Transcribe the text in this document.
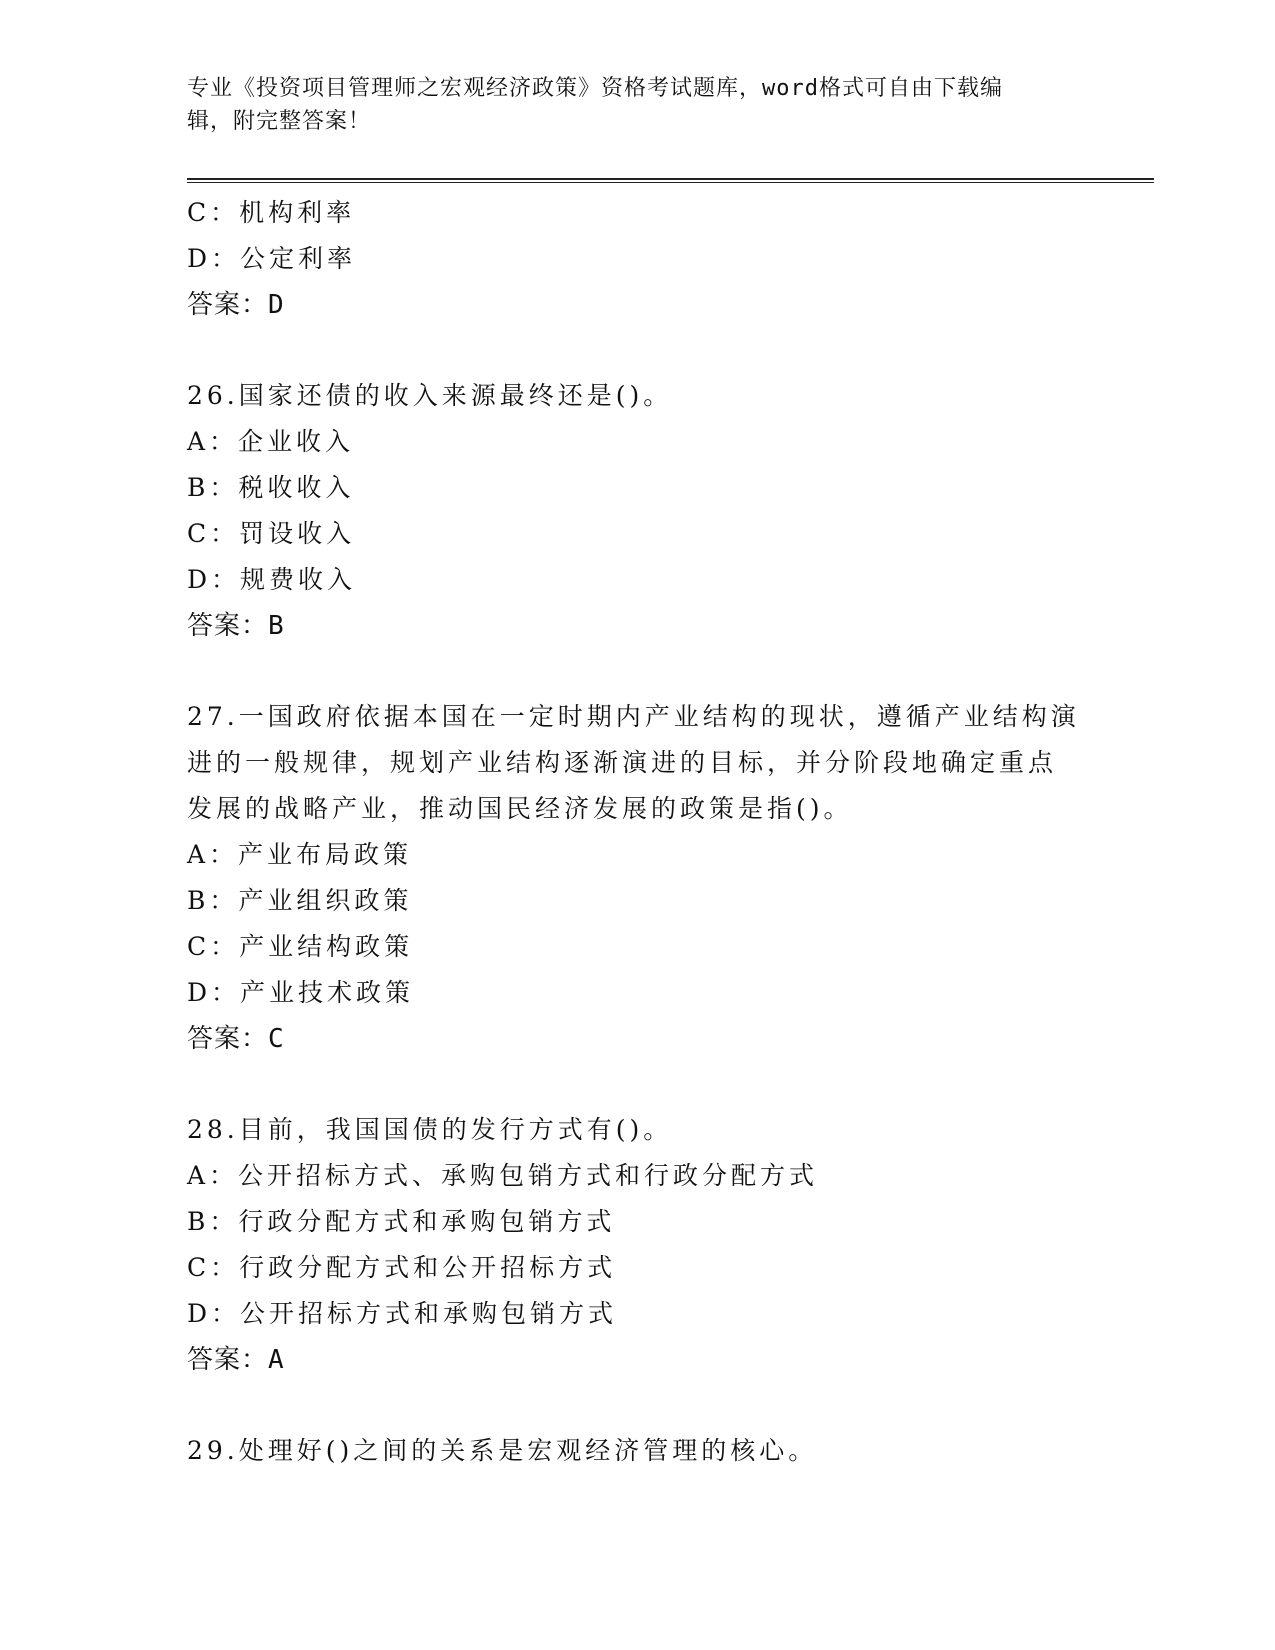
专业《投资项目管理师之宏观经济政策》资格考试题库，word格式可自由下载编
辑，附完整答案！
C：机构利率
D：公定利率
答案：D
26.国家还债的收入来源最终还是()。
A：企业收入
B：税收收入
C：罚设收入
D：规费收入
答案：B
27.一国政府依据本国在一定时期内产业结构的现状，遵循产业结构演
进的一般规律，规划产业结构逐渐演进的目标，并分阶段地确定重点
发展的战略产业，推动国民经济发展的政策是指()。
A：产业布局政策
B：产业组织政策
C：产业结构政策
D：产业技术政策
答案：C
28.目前，我国国债的发行方式有()。
A：公开招标方式、承购包销方式和行政分配方式
B：行政分配方式和承购包销方式
C：行政分配方式和公开招标方式
D：公开招标方式和承购包销方式
答案：A
29.处理好()之间的关系是宏观经济管理的核心。
